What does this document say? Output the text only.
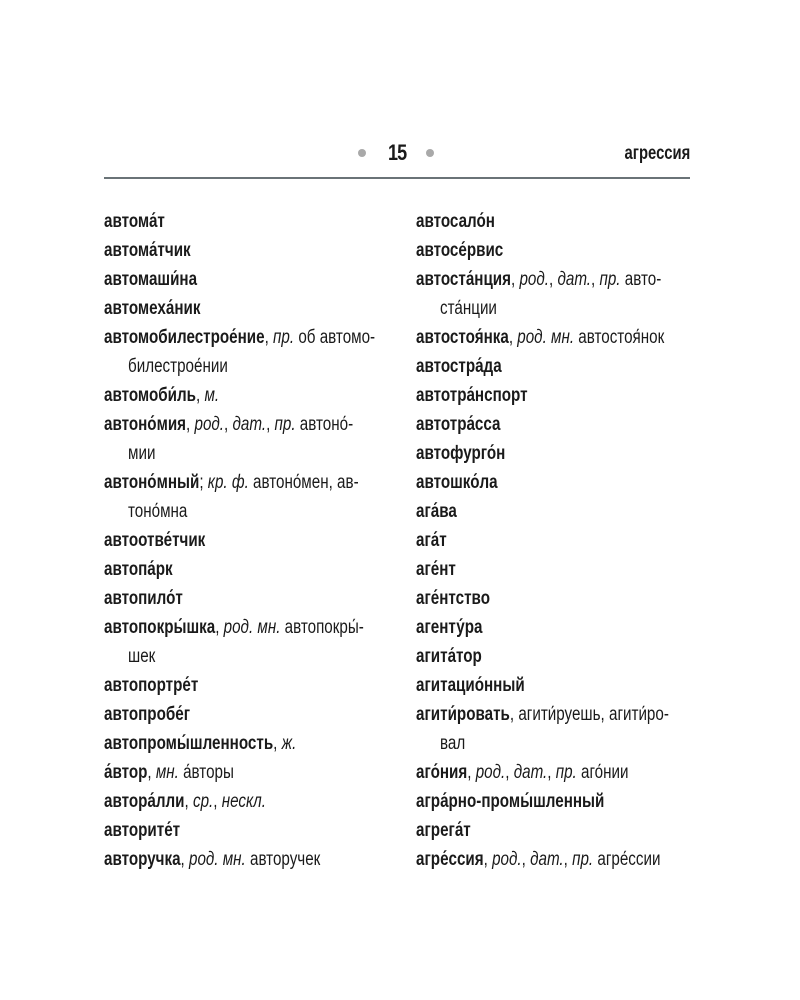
15	агрессия
автома́т
автома́тчик
автомаши́на
автомеха́ник
автомобилестрое́ние, пр. об автомо-
билестрое́нии
автомоби́ль, м.
автоно́мия, род., дат., пр. автоно́-
мии
автоно́мный; кр. ф. автоно́мен, ав-
тоно́мна
автоотве́тчик
автопа́рк
автопило́т
автопокры́шка, род. мн. автопокры́-
шек
автопортре́т
автопробе́г
автопромы́шленность, ж.
а́втор, мн. а́вторы
автора́лли, ср., нескл.
авторите́т
авторучка, род. мн. авторучек
автосало́н
автосе́рвис
автоста́нция, род., дат., пр. авто-
ста́нции
автостоя́нка, род. мн. автостоя́нок
автостра́да
автотра́нспорт
автотра́сса
автофурго́н
автошко́ла
ага́ва
ага́т
аге́нт
аге́нтство
агенту́ра
агита́тор
агитацио́нный
агити́ровать, агити́руешь, агити́ро-
вал
аго́ния, род., дат., пр. аго́нии
агра́рно-промы́шленный
агрега́т
агре́ссия, род., дат., пр. агре́ссии
